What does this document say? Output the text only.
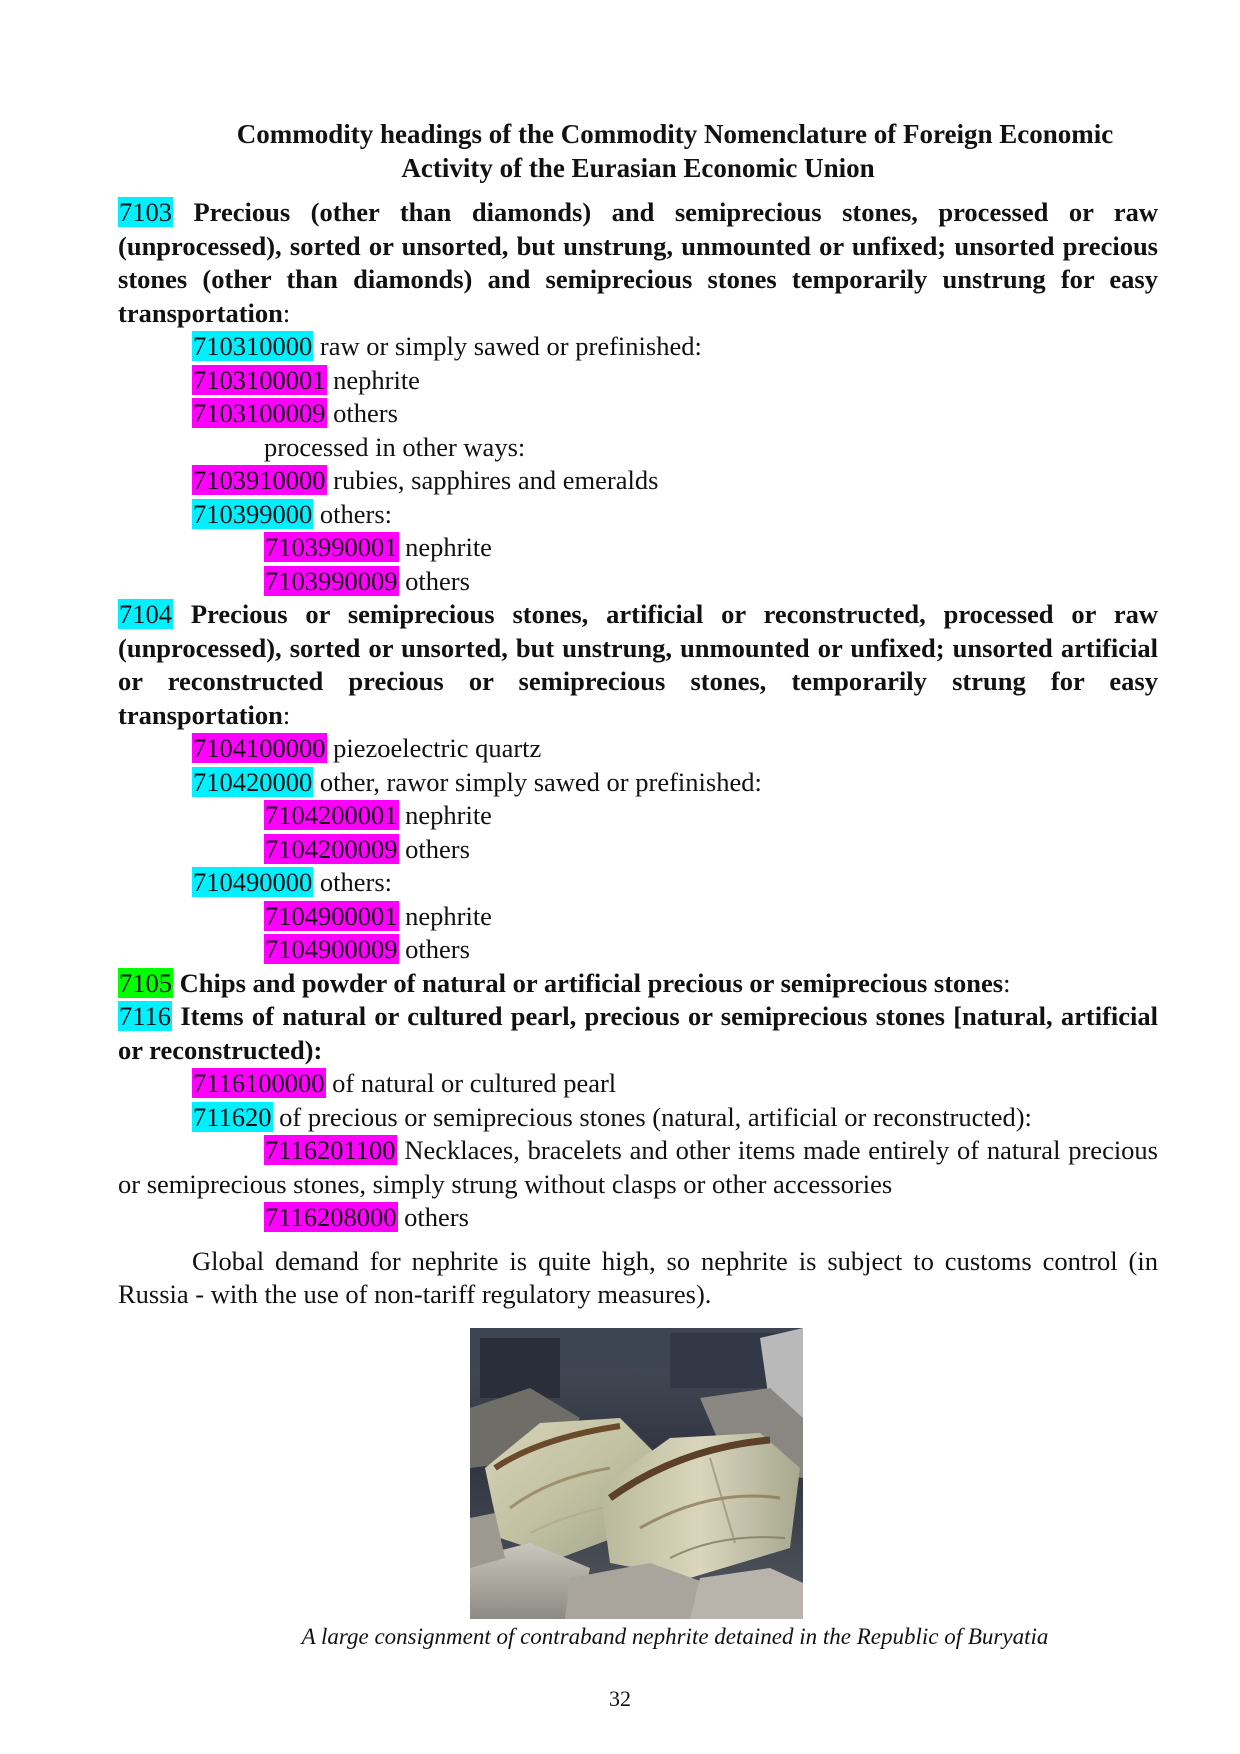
Commodity headings of the Commodity Nomenclature of Foreign Economic
Activity of the Eurasian Economic Union
7103 Precious (other than diamonds) and semiprecious stones, processed or raw (unprocessed), sorted or unsorted, but unstrung, unmounted or unfixed; unsorted precious stones (other than diamonds) and semiprecious stones temporarily unstrung for easy transportation:
710310000 raw or simply sawed or prefinished:
7103100001 nephrite
7103100009 others
processed in other ways:
7103910000 rubies, sapphires and emeralds
710399000 others:
7103990001 nephrite
7103990009 others
7104 Precious or semiprecious stones, artificial or reconstructed, processed or raw (unprocessed), sorted or unsorted, but unstrung, unmounted or unfixed; unsorted artificial or reconstructed precious or semiprecious stones, temporarily strung for easy transportation:
7104100000 piezoelectric quartz
710420000 other, rawor simply sawed or prefinished:
7104200001 nephrite
7104200009 others
710490000 others:
7104900001 nephrite
7104900009 others
7105 Chips and powder of natural or artificial precious or semiprecious stones:
7116 Items of natural or cultured pearl, precious or semiprecious stones [natural, artificial or reconstructed):
7116100000 of natural or cultured pearl
711620 of precious or semiprecious stones (natural, artificial or reconstructed):
7116201100 Necklaces, bracelets and other items made entirely of natural precious or semiprecious stones, simply strung without clasps or other accessories
7116208000 others

Global demand for nephrite is quite high, so nephrite is subject to customs control (in Russia - with the use of non-tariff regulatory measures).

A large consignment of contraband nephrite detained in the Republic of Buryatia
32
